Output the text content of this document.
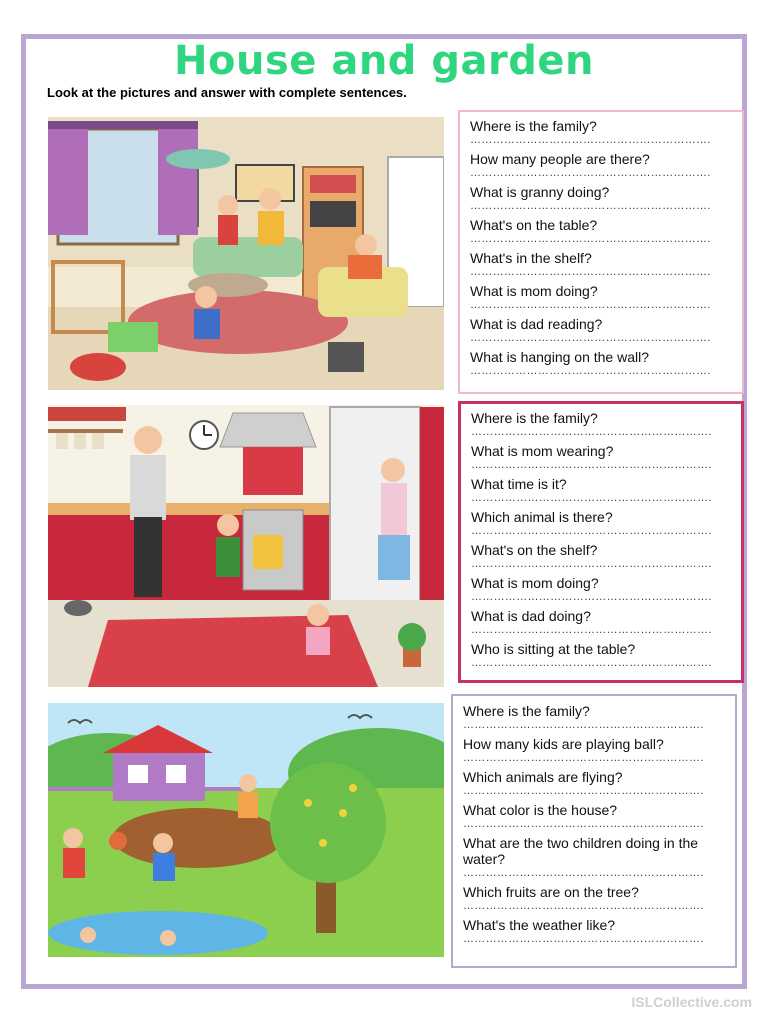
House and garden
Look at the pictures and answer with complete sentences.
Where is the family?
……………………………………………………….
How many people are there?
……………………………………………………….
What is granny doing?
……………………………………………………….
What's on the table?
……………………………………………………….
What's in the shelf?
……………………………………………………….
What is mom doing?
……………………………………………………….
What is dad reading?
……………………………………………………….
What is hanging on the wall?
……………………………………………………….
Where is the family?
……………………………………………………….
What is mom wearing?
……………………………………………………….
What time is it?
……………………………………………………….
Which animal is there?
……………………………………………………….
What's on the shelf?
……………………………………………………….
What is mom doing?
……………………………………………………….
What is dad doing?
……………………………………………………….
Who is sitting at the table?
……………………………………………………….
Where is the family?
……………………………………………………….
How many kids are playing ball?
……………………………………………………….
Which animals are flying?
……………………………………………………….
What color is the house?
……………………………………………………….
What are the two children doing in the water?
……………………………………………………….
Which fruits are on the tree?
……………………………………………………….
What's the weather like?
……………………………………………………….
ISLCollective.com
